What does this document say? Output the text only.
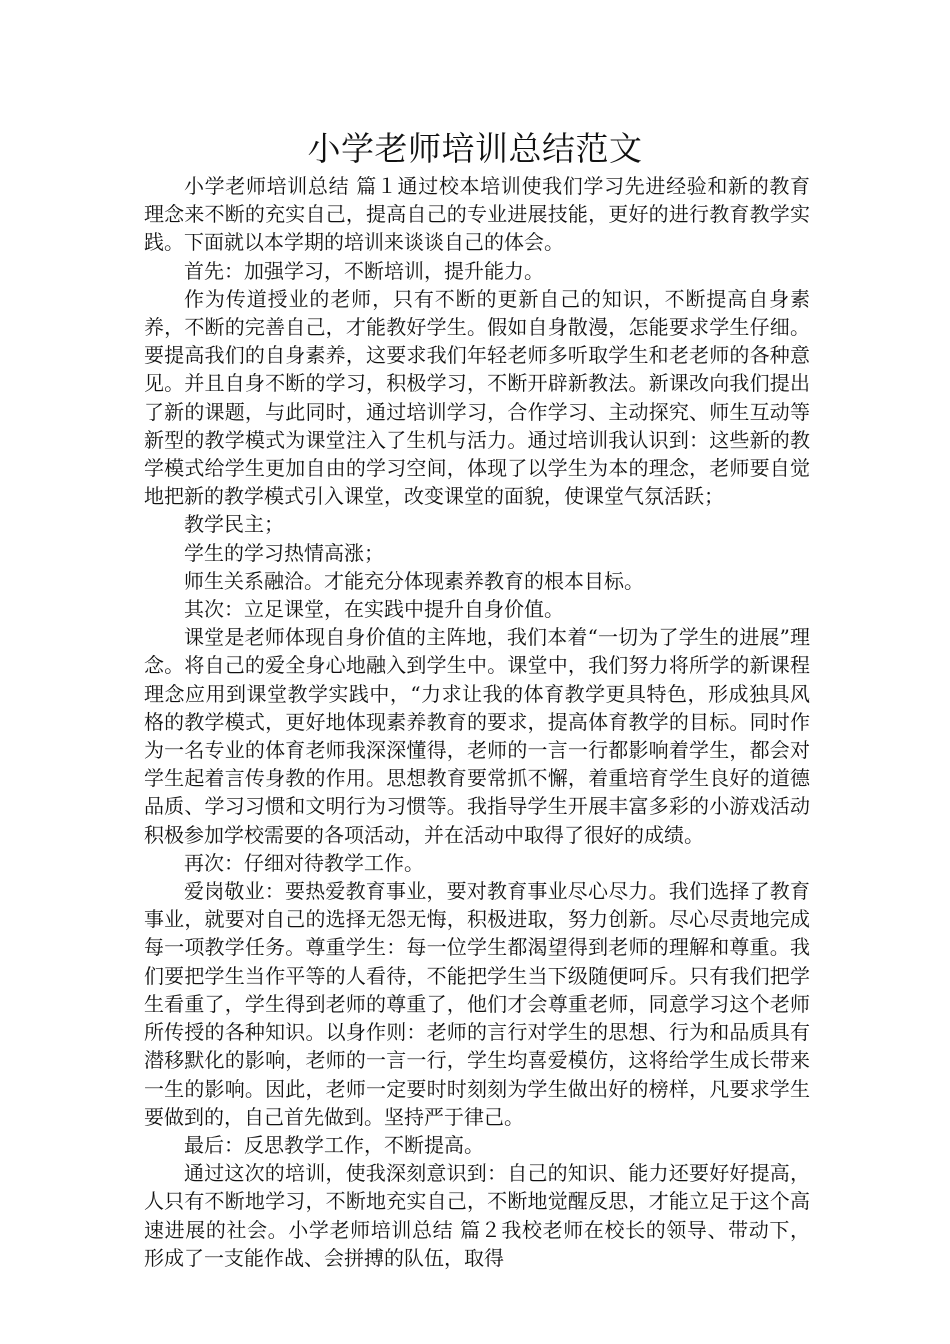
小学老师培训总结范文

小学老师培训总结 篇１通过校本培训使我们学习先进经验和新的教育理念来不断的充实自己，提高自己的专业进展技能，更好的进行教育教学实践。下面就以本学期的培训来谈谈自己的体会。

首先：加强学习，不断培训，提升能力。

作为传道授业的老师，只有不断的更新自己的知识，不断提高自身素养，不断的完善自己，才能教好学生。假如自身散漫，怎能要求学生仔细。要提高我们的自身素养，这要求我们年轻老师多听取学生和老老师的各种意见。并且自身不断的学习，积极学习，不断开辟新教法。新课改向我们提出了新的课题，与此同时，通过培训学习，合作学习、主动探究、师生互动等新型的教学模式为课堂注入了生机与活力。通过培训我认识到：这些新的教学模式给学生更加自由的学习空间，体现了以学生为本的理念，老师要自觉地把新的教学模式引入课堂，改变课堂的面貌，使课堂气氛活跃；

教学民主；

学生的学习热情高涨；

师生关系融洽。才能充分体现素养教育的根本目标。

其次：立足课堂，在实践中提升自身价值。

课堂是老师体现自身价值的主阵地，我们本着“一切为了学生的进展”理念。将自己的爱全身心地融入到学生中。课堂中，我们努力将所学的新课程理念应用到课堂教学实践中，“力求让我的体育教学更具特色，形成独具风格的教学模式，更好地体现素养教育的要求，提高体育教学的目标。同时作为一名专业的体育老师我深深懂得，老师的一言一行都影响着学生，都会对学生起着言传身教的作用。思想教育要常抓不懈，着重培育学生良好的道德品质、学习习惯和文明行为习惯等。我指导学生开展丰富多彩的小游戏活动积极参加学校需要的各项活动，并在活动中取得了很好的成绩。

再次：仔细对待教学工作。

爱岗敬业：要热爱教育事业，要对教育事业尽心尽力。我们选择了教育事业，就要对自己的选择无怨无悔，积极进取，努力创新。尽心尽责地完成每一项教学任务。尊重学生：每一位学生都渴望得到老师的理解和尊重。我们要把学生当作平等的人看待，不能把学生当下级随便呵斥。只有我们把学生看重了，学生得到老师的尊重了，他们才会尊重老师，同意学习这个老师所传授的各种知识。以身作则：老师的言行对学生的思想、行为和品质具有潜移默化的影响，老师的一言一行，学生均喜爱模仿，这将给学生成长带来一生的影响。因此，老师一定要时时刻刻为学生做出好的榜样，凡要求学生要做到的，自己首先做到。坚持严于律己。

最后：反思教学工作，不断提高。

通过这次的培训，使我深刻意识到：自己的知识、能力还要好好提高，人只有不断地学习，不断地充实自己，不断地觉醒反思，才能立足于这个高速进展的社会。小学老师培训总结 篇２我校老师在校长的领导、带动下，形成了一支能作战、会拼搏的队伍，取得
